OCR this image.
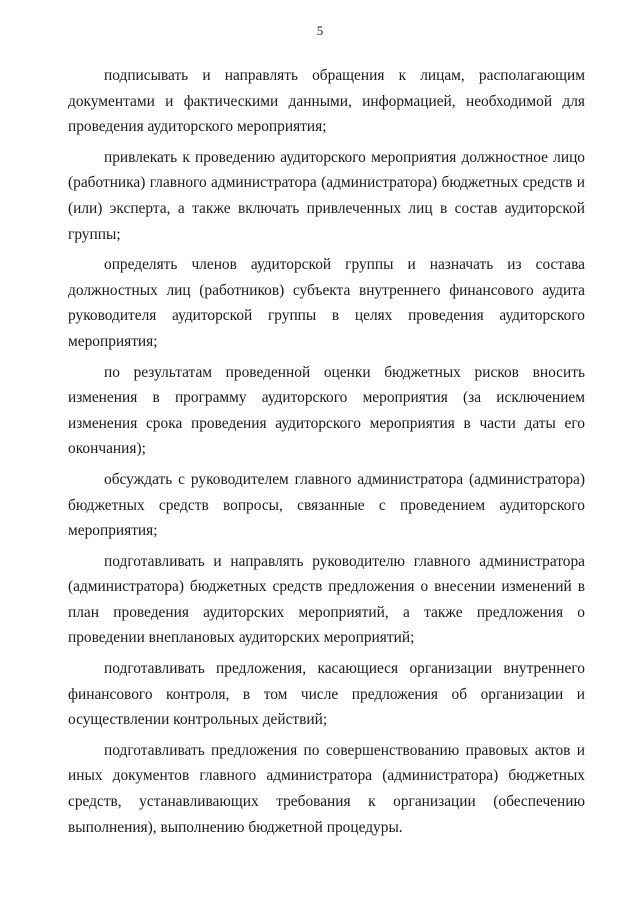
5

подписывать и направлять обращения к лицам, располагающим документами и фактическими данными, информацией, необходимой для проведения аудиторского мероприятия;

привлекать к проведению аудиторского мероприятия должностное лицо (работника) главного администратора (администратора) бюджетных средств и (или) эксперта, а также включать привлеченных лиц в состав аудиторской группы;

определять членов аудиторской группы и назначать из состава должностных лиц (работников) субъекта внутреннего финансового аудита руководителя аудиторской группы в целях проведения аудиторского мероприятия;

по результатам проведенной оценки бюджетных рисков вносить изменения в программу аудиторского мероприятия (за исключением изменения срока проведения аудиторского мероприятия в части даты его окончания);

обсуждать с руководителем главного администратора (администратора) бюджетных средств вопросы, связанные с проведением аудиторского мероприятия;

подготавливать и направлять руководителю главного администратора (администратора) бюджетных средств предложения о внесении изменений в план проведения аудиторских мероприятий, а также предложения о проведении внеплановых аудиторских мероприятий;

подготавливать предложения, касающиеся организации внутреннего финансового контроля, в том числе предложения об организации и осуществлении контрольных действий;

подготавливать предложения по совершенствованию правовых актов и иных документов главного администратора (администратора) бюджетных средств, устанавливающих требования к организации (обеспечению выполнения), выполнению бюджетной процедуры.
